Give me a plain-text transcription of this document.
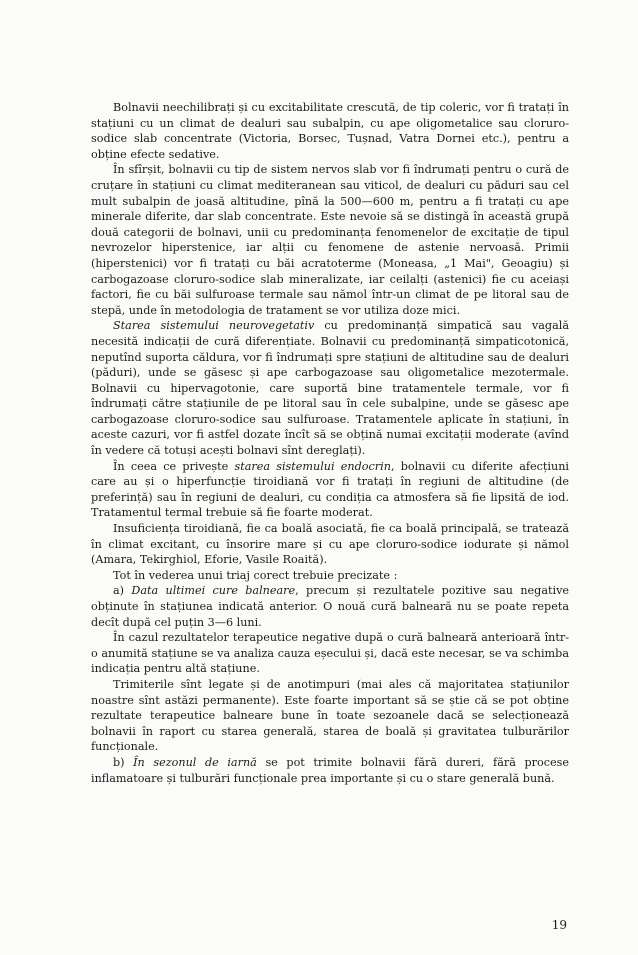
Bolnavii neechilibrați și cu excitabilitate crescută, de tip coleric, vor fi tratați în stațiuni cu un climat de dealuri sau subalpin, cu ape oligometalice sau cloruro-sodice slab concentrate (Victoria, Borsec, Tușnad, Vatra Dornei etc.), pentru a obține efecte sedative.

În sfîrșit, bolnavii cu tip de sistem nervos slab vor fi îndrumați pentru o cură de cruțare în stațiuni cu climat mediteranean sau viticol, de dealuri cu păduri sau cel mult subalpin de joasă altitudine, pînă la 500—600 m, pentru a fi tratați cu ape minerale diferite, dar slab concentrate. Este nevoie să se distingă în această grupă două categorii de bolnavi, unii cu predominanța fenomenelor de excitație de tipul nevrozelor hiperstenice, iar alții cu fenomene de astenie nervoasă. Primii (hiperstenici) vor fi tratați cu băi acratoterme (Moneasa, „1 Mai", Geoagiu) și carbogazoase cloruro-sodice slab mineralizate, iar ceilalți (astenici) fie cu aceiași factori, fie cu băi sulfuroase termale sau nămol într-un climat de pe litoral sau de stepă, unde în metodologia de tratament se vor utiliza doze mici.

Starea sistemului neurovegetativ cu predominanță simpatică sau vagală necesită indicații de cură diferențiate. Bolnavii cu predominanță simpaticotonică, neputînd suporta căldura, vor fi îndrumați spre stațiuni de altitudine sau de dealuri (păduri), unde se găsesc și ape carbogazoase sau oligometalice mezotermale. Bolnavii cu hipervagotonie, care suportă bine tratamentele termale, vor fi îndrumați către stațiunile de pe litoral sau în cele subalpine, unde se găsesc ape carbogazoase cloruro-sodice sau sulfuroase. Tratamentele aplicate în stațiuni, în aceste cazuri, vor fi astfel dozate încît să se obțină numai excitații moderate (avînd în vedere că totuși acești bolnavi sînt dereglați).

În ceea ce privește starea sistemului endocrin, bolnavii cu diferite afecțiuni care au și o hiperfuncție tiroidiană vor fi tratați în regiuni de altitudine (de preferință) sau în regiuni de dealuri, cu condiția ca atmosfera să fie lipsită de iod. Tratamentul termal trebuie să fie foarte moderat.

Insuficiența tiroidiană, fie ca boală asociată, fie ca boală principală, se tratează în climat excitant, cu însorire mare și cu ape cloruro-sodice iodurate și nămol (Amara, Tekirghiol, Eforie, Vasile Roaită).

Tot în vederea unui triaj corect trebuie precizate :

a) Data ultimei cure balneare, precum și rezultatele pozitive sau negative obținute în stațiunea indicată anterior. O nouă cură balneară nu se poate repeta decît după cel puțin 3—6 luni.

În cazul rezultatelor terapeutice negative după o cură balneară anterioară într-o anumită stațiune se va analiza cauza eșecului și, dacă este necesar, se va schimba indicația pentru altă stațiune.

Trimiterile sînt legate și de anotimpuri (mai ales că majoritatea stațiunilor noastre sînt astăzi permanente). Este foarte important să se știe că se pot obține rezultate terapeutice balneare bune în toate sezoanele dacă se selecționează bolnavii în raport cu starea generală, starea de boală și gravitatea tulburărilor funcționale.

b) În sezonul de iarnă se pot trimite bolnavii fără dureri, fără procese inflamatoare și tulburări funcționale prea importante și cu o stare generală bună.

19
